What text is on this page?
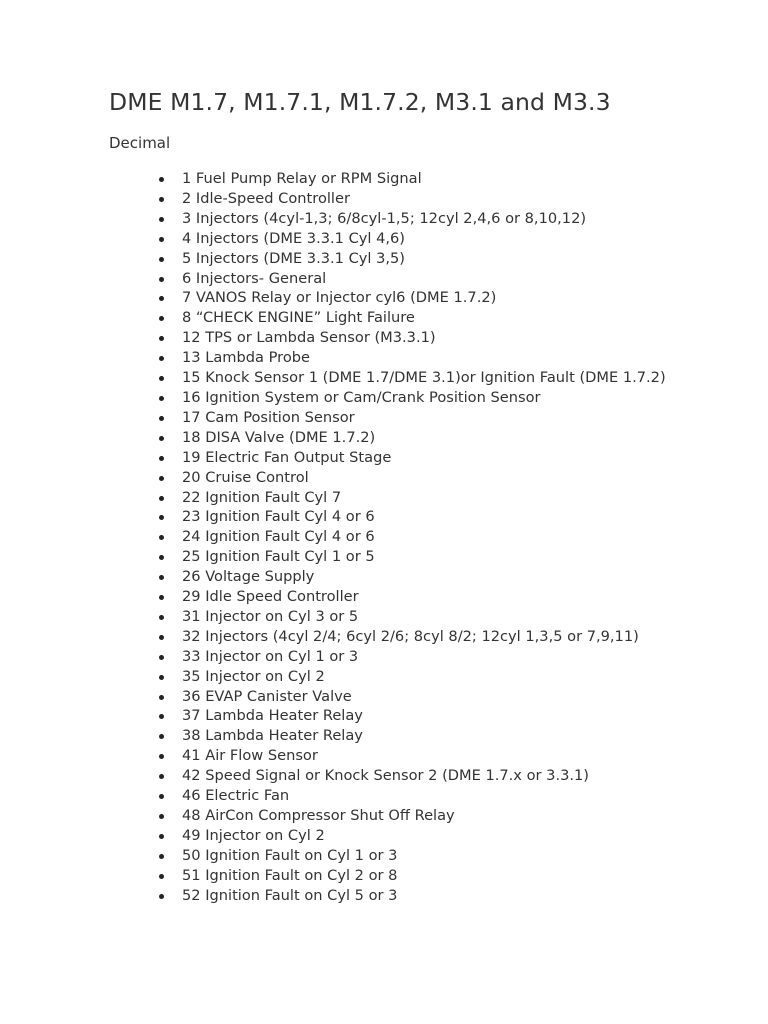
DME M1.7, M1.7.1, M1.7.2, M3.1 and M3.3

Decimal

1 Fuel Pump Relay or RPM Signal
2 Idle-Speed Controller
3 Injectors (4cyl-1,3; 6/8cyl-1,5; 12cyl 2,4,6 or 8,10,12)
4 Injectors (DME 3.3.1 Cyl 4,6)
5 Injectors (DME 3.3.1 Cyl 3,5)
6 Injectors- General
7 VANOS Relay or Injector cyl6 (DME 1.7.2)
8 “CHECK ENGINE” Light Failure
12 TPS or Lambda Sensor (M3.3.1)
13 Lambda Probe
15 Knock Sensor 1 (DME 1.7/DME 3.1)or Ignition Fault (DME 1.7.2)
16 Ignition System or Cam/Crank Position Sensor
17 Cam Position Sensor
18 DISA Valve (DME 1.7.2)
19 Electric Fan Output Stage
20 Cruise Control
22 Ignition Fault Cyl 7
23 Ignition Fault Cyl 4 or 6
24 Ignition Fault Cyl 4 or 6
25 Ignition Fault Cyl 1 or 5
26 Voltage Supply
29 Idle Speed Controller
31 Injector on Cyl 3 or 5
32 Injectors (4cyl 2/4; 6cyl 2/6; 8cyl 8/2; 12cyl 1,3,5 or 7,9,11)
33 Injector on Cyl 1 or 3
35 Injector on Cyl 2
36 EVAP Canister Valve
37 Lambda Heater Relay
38 Lambda Heater Relay
41 Air Flow Sensor
42 Speed Signal or Knock Sensor 2 (DME 1.7.x or 3.3.1)
46 Electric Fan
48 AirCon Compressor Shut Off Relay
49 Injector on Cyl 2
50 Ignition Fault on Cyl 1 or 3
51 Ignition Fault on Cyl 2 or 8
52 Ignition Fault on Cyl 5 or 3
